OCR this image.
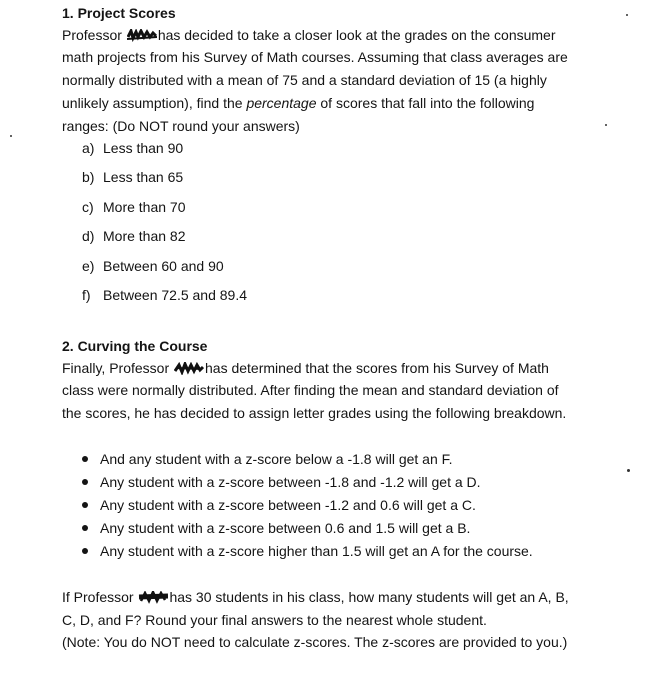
1. Project Scores
Professor
has decided to take a closer look at the grades on the consumer
math projects from his Survey of Math courses. Assuming that class averages are
normally distributed with a mean of 75 and a standard deviation of 15 (a highly
unlikely assumption), find the percentage of scores that fall into the following
ranges: (Do NOT round your answers)
a) Less than 90
b) Less than 65
c) More than 70
d) More than 82
e) Between 60 and 90
f) Between 72.5 and 89.4
2. Curving the Course
Finally, Professor
has determined that the scores from his Survey of Math
class were normally distributed. After finding the mean and standard deviation of
the scores, he has decided to assign letter grades using the following breakdown.
And any student with a z-score below a -1.8 will get an F.
Any student with a z-score between -1.8 and -1.2 will get a D.
Any student with a z-score between -1.2 and 0.6 will get a C.
Any student with a z-score between 0.6 and 1.5 will get a B.
Any student with a z-score higher than 1.5 will get an A for the course.
If Professor
has 30 students in his class, how many students will get an A, B,
C, D, and F? Round your final answers to the nearest whole student.
(Note: You do NOT need to calculate z-scores. The z-scores are provided to you.)
